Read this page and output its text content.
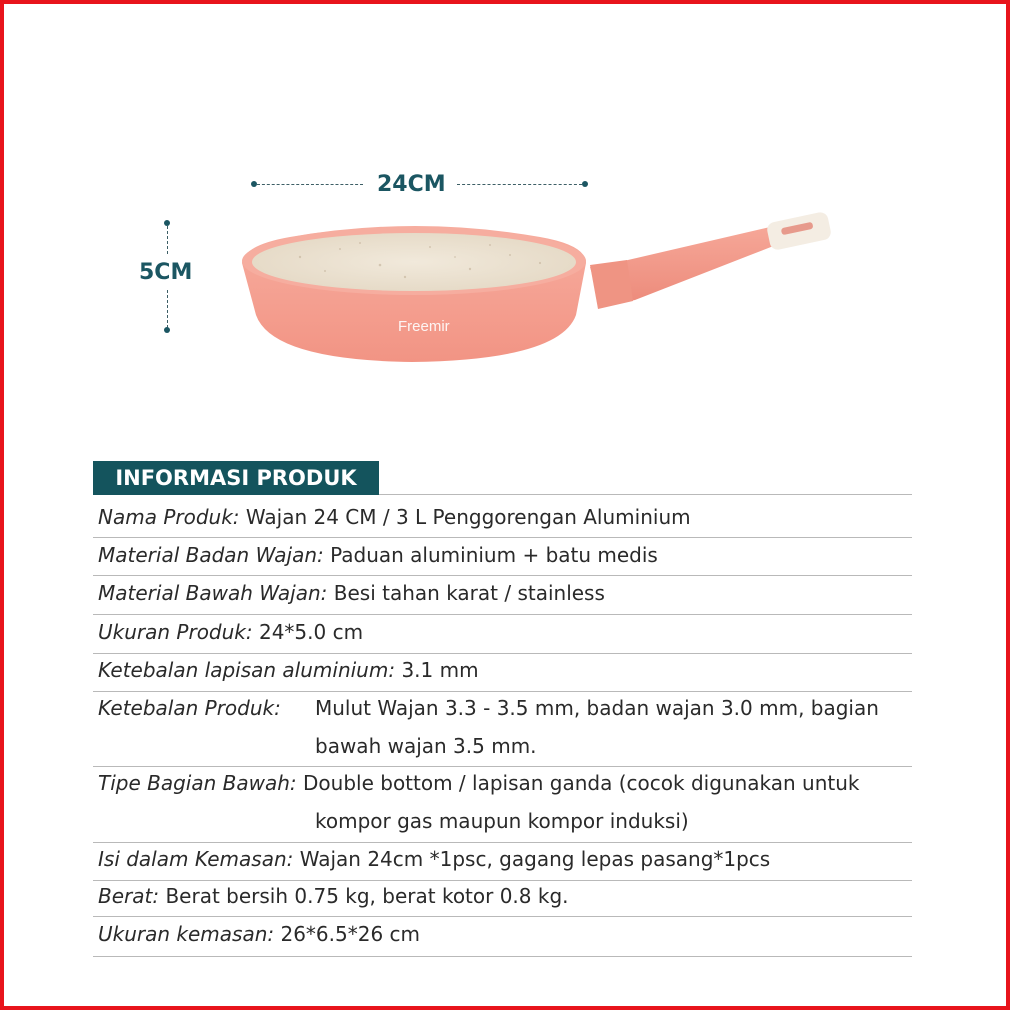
24CM
5CM
Freemir
INFORMASI PRODUK
Nama Produk: Wajan 24 CM / 3 L Penggorengan Aluminium
Material Badan Wajan: Paduan aluminium + batu medis
Material Bawah Wajan: Besi tahan karat / stainless
Ukuran Produk: 24*5.0 cm
Ketebalan lapisan aluminium: 3.1 mm
Ketebalan Produk: Mulut Wajan 3.3 - 3.5 mm, badan wajan 3.0 mm, bagian
bawah wajan 3.5 mm.
Tipe Bagian Bawah: Double bottom / lapisan ganda (cocok digunakan untuk
kompor gas maupun kompor induksi)
Isi dalam Kemasan: Wajan 24cm *1psc, gagang lepas pasang*1pcs
Berat: Berat bersih 0.75 kg, berat kotor 0.8 kg.
Ukuran kemasan: 26*6.5*26 cm
